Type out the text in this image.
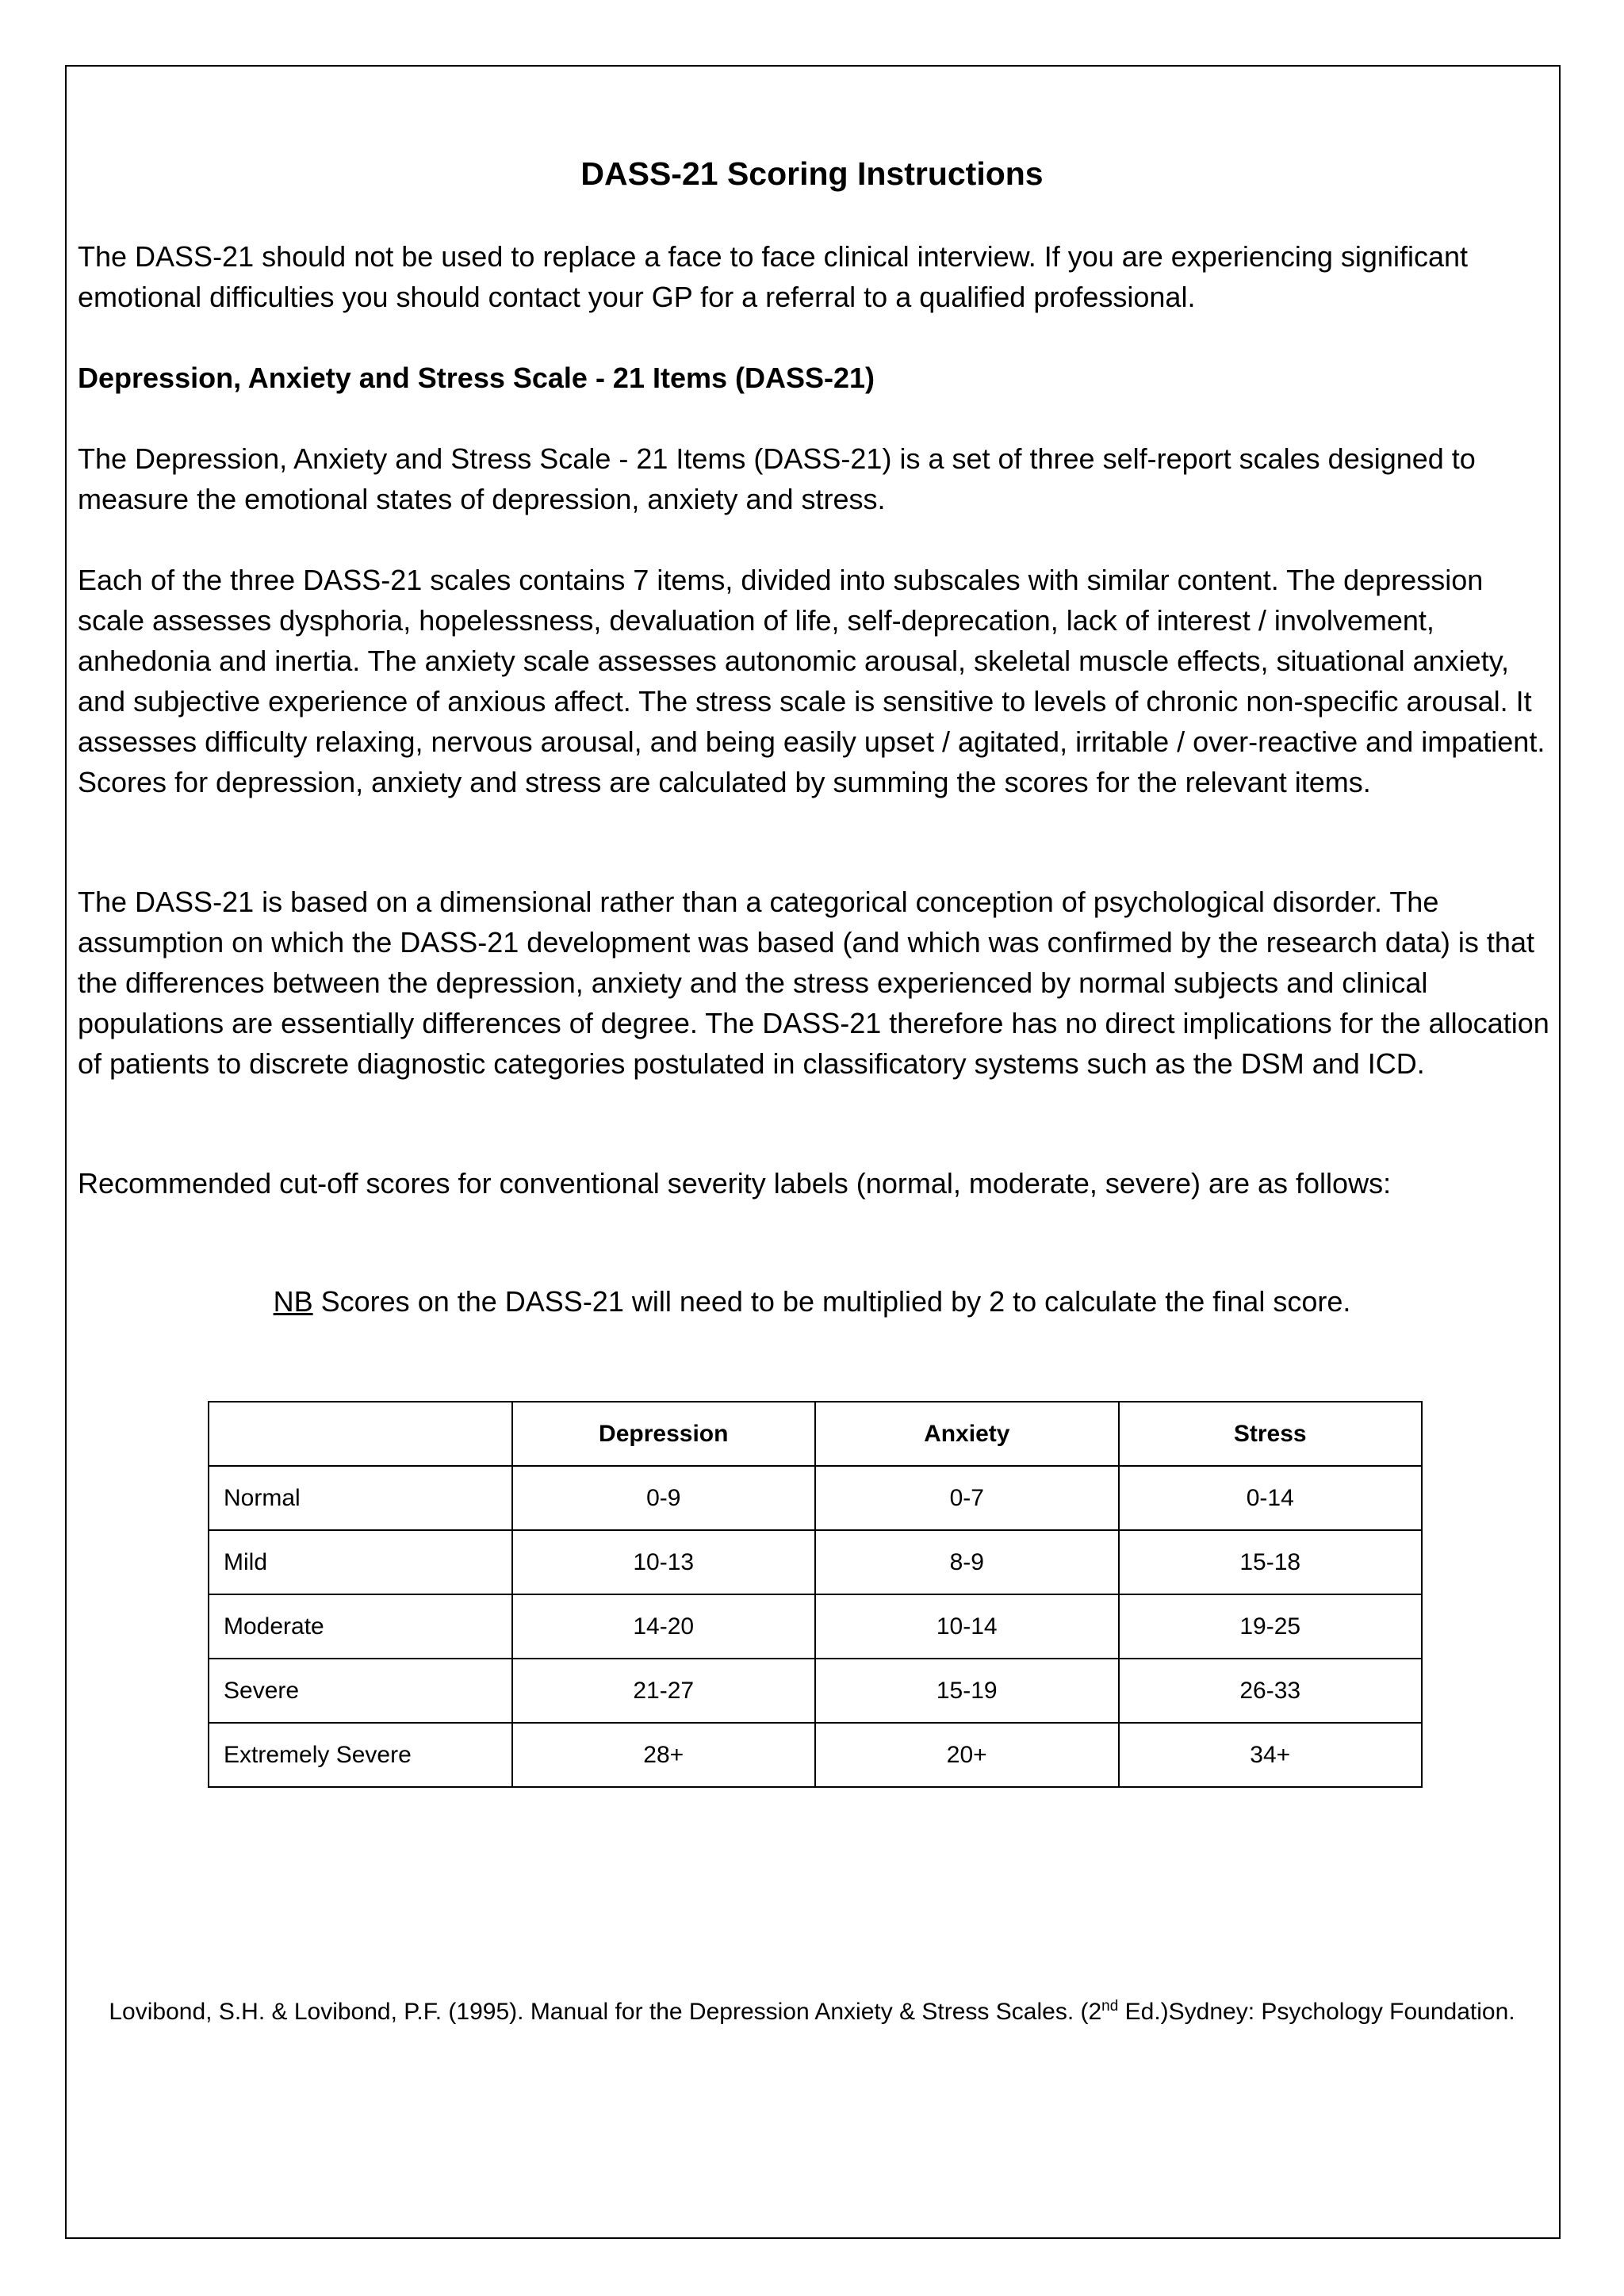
DASS-21 Scoring Instructions

The DASS-21 should not be used to replace a face to face clinical interview. If you are experiencing significant emotional difficulties you should contact your GP for a referral to a qualified professional.

Depression, Anxiety and Stress Scale - 21 Items (DASS-21)

The Depression, Anxiety and Stress Scale - 21 Items (DASS-21) is a set of three self-report scales designed to measure the emotional states of depression, anxiety and stress.

Each of the three DASS-21 scales contains 7 items, divided into subscales with similar content. The depression scale assesses dysphoria, hopelessness, devaluation of life, self-deprecation, lack of interest / involvement, anhedonia and inertia. The anxiety scale assesses autonomic arousal, skeletal muscle effects, situational anxiety, and subjective experience of anxious affect. The stress scale is sensitive to levels of chronic non-specific arousal. It assesses difficulty relaxing, nervous arousal, and being easily upset / agitated, irritable / over-reactive and impatient. Scores for depression, anxiety and stress are calculated by summing the scores for the relevant items.

The DASS-21 is based on a dimensional rather than a categorical conception of psychological disorder. The assumption on which the DASS-21 development was based (and which was confirmed by the research data) is that the differences between the depression, anxiety and the stress experienced by normal subjects and clinical populations are essentially differences of degree. The DASS-21 therefore has no direct implications for the allocation of patients to discrete diagnostic categories postulated in classificatory systems such as the DSM and ICD.

Recommended cut-off scores for conventional severity labels (normal, moderate, severe) are as follows:

NB Scores on the DASS-21 will need to be multiplied by 2 to calculate the final score.
	Depression	Anxiety	Stress
Normal	0-9	0-7	0-14
Mild	10-13	8-9	15-18
Moderate	14-20	10-14	19-25
Severe	21-27	15-19	26-33
Extremely Severe	28+	20+	34+
Lovibond, S.H. & Lovibond, P.F. (1995). Manual for the Depression Anxiety & Stress Scales. (2nd Ed.)Sydney: Psychology Foundation.
